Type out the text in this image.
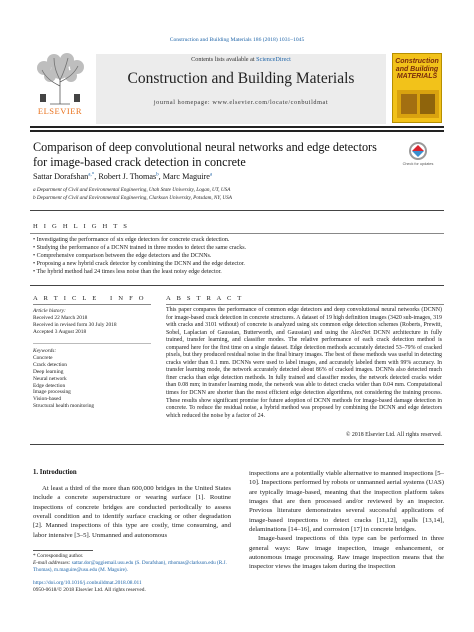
Construction and Building Materials 186 (2018) 1031–1045
ELSEVIER
Contents lists available at ScienceDirect
Construction and Building Materials
journal homepage: www.elsevier.com/locate/conbuildmat
Construction and Building MATERIALS
Comparison of deep convolutional neural networks and edge detectors for image-based crack detection in concrete	Check for updates
Sattar Dorafshan$^{a,*}$, Robert J. Thomas$^b$, Marc Maguire$^a$
a Department of Civil and Environmental Engineering, Utah State University, Logan, UT, USA
b Department of Civil and Environmental Engineering, Clarkson University, Potsdam, NY, USA
H I G H L I G H T S
• Investigating the performance of six edge detectors for concrete crack detection.
• Studying the performance of a DCNN trained in three modes to detect the same cracks.
• Comprehensive comparison between the edge detectors and the DCNNs.
• Proposing a new hybrid crack detector by combining the DCNN and the edge detector.
• The hybrid method had 24 times less noise than the least noisy edge detector.
A R T I C L E   I N F O
Article history:
Received 22 March 2018
Received in revised form 30 July 2018
Accepted 3 August 2018
Keywords:
Concrete
Crack detection
Deep learning
Neural network
Edge detection
Image processing
Vision-based
Structural health monitoring
A B S T R A C T
This paper compares the performance of common edge detectors and deep convolutional neural networks (DCNN) for image-based crack detection in concrete structures. A dataset of 19 high definition images (3420 sub-images, 319 with cracks and 3101 without) of concrete is analyzed using six common edge detection schemes (Roberts, Prewitt, Sobel, Laplacian of Gaussian, Butterworth, and Gaussian) and using the AlexNet DCNN architecture in fully trained, transfer learning, and classifier modes. The relative performance of each crack detection method is compared here for the first time on a single dataset. Edge detection methods accurately detected 53–79% of cracked pixels, but they produced residual noise in the final binary images. The best of these methods was useful in detecting cracks wider than 0.1 mm. DCNNs were used to label images, and accurately labeled them with 99% accuracy. In transfer learning mode, the network accurately detected about 86% of cracked images. DCNNs also detected much finer cracks than edge detection methods. In fully trained and classifier modes, the network detected cracks wider than 0.08 mm; in transfer learning mode, the network was able to detect cracks wider than 0.04 mm. Computational times for DCNN are shorter than the most efficient edge detection algorithms, not considering the training process. These results show significant promise for future adoption of DCNN methods for image-based damage detection in concrete. To reduce the residual noise, a hybrid method was proposed by combining the DCNN and edge detectors which reduced the noise by a factor of 24.
© 2018 Elsevier Ltd. All rights reserved.
1. Introduction
At least a third of the more than 600,000 bridges in the United States include a concrete superstructure or wearing surface [1]. Routine inspections of concrete bridges are conducted periodically to assess overall condition and to identify surface cracking or other degradation [2]. Manned inspections of this type are costly, time consuming, and labor intensive [3–5]. Unmanned and autonomous
inspections are a potentially viable alternative to manned inspections [5–10]. Inspections performed by robots or unmanned aerial systems (UAS) are typically image-based, meaning that the inspection platform takes images that are then processed and/or reviewed by an inspector. Previous literature demonstrates several successful applications of image-based inspections to detect cracks [11,12], spalls [13,14], delaminations [14–16], and corrosion [17] in concrete bridges.
Image-based inspections of this type can be performed in three general ways: Raw image inspection, image enhancement, or autonomous image processing. Raw image inspection means that the inspector views the images taken during the inspection
* Corresponding author.
E-mail addresses: sattar.dor@aggiemail.usu.edu (S. Dorafshan), rthomas@clarkson.edu (R.J. Thomas), m.maguire@usu.edu (M. Maguire).
https://doi.org/10.1016/j.conbuildmat.2018.08.011
0950-0618/© 2018 Elsevier Ltd. All rights reserved.
